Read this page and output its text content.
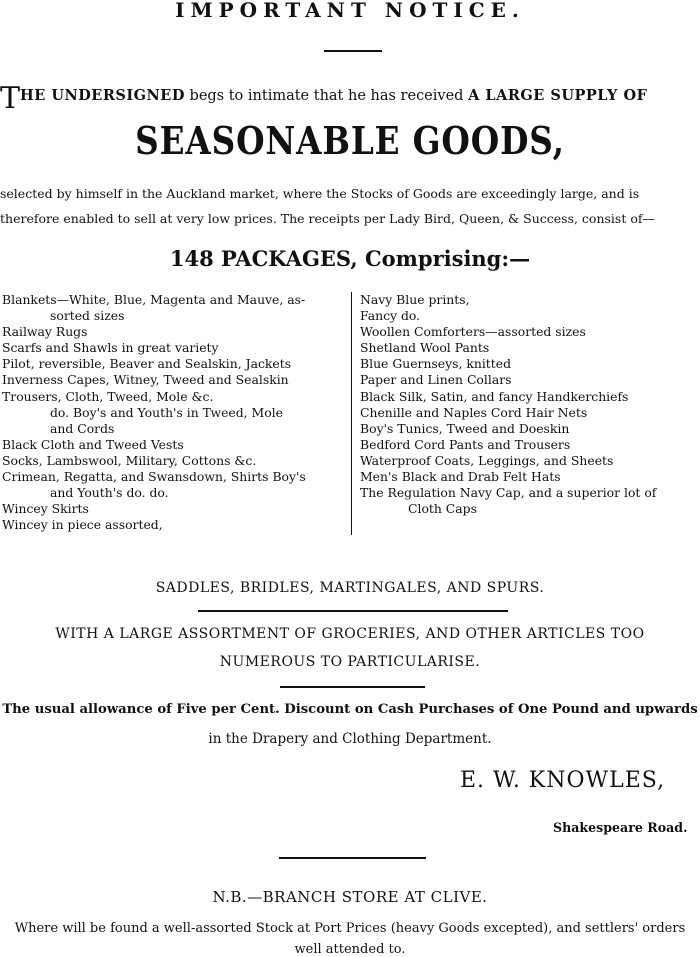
IMPORTANT NOTICE.
THE UNDERSIGNED begs to intimate that he has received A LARGE SUPPLY OF
SEASONABLE GOODS,
selected by himself in the Auckland market, where the Stocks of Goods are exceedingly large, and is
therefore enabled to sell at very low prices. The receipts per Lady Bird, Queen, & Success, consist of—
148 PACKAGES, Comprising:—
Blankets—White, Blue, Magenta and Mauve, as-
sorted sizes
Railway Rugs
Scarfs and Shawls in great variety
Pilot, reversible, Beaver and Sealskin, Jackets
Inverness Capes, Witney, Tweed and Sealskin
Trousers, Cloth, Tweed, Mole &c.
do. Boy's and Youth's in Tweed, Mole
and Cords
Black Cloth and Tweed Vests
Socks, Lambswool, Military, Cottons &c.
Crimean, Regatta, and Swansdown, Shirts Boy's
and Youth's do. do.
Wincey Skirts
Wincey in piece assorted,
Navy Blue prints,
Fancy do.
Woollen Comforters—assorted sizes
Shetland Wool Pants
Blue Guernseys, knitted
Paper and Linen Collars
Black Silk, Satin, and fancy Handkerchiefs
Chenille and Naples Cord Hair Nets
Boy's Tunics, Tweed and Doeskin
Bedford Cord Pants and Trousers
Waterproof Coats, Leggings, and Sheets
Men's Black and Drab Felt Hats
The Regulation Navy Cap, and a superior lot of
Cloth Caps
SADDLES, BRIDLES, MARTINGALES, AND SPURS.
WITH A LARGE ASSORTMENT OF GROCERIES, AND OTHER ARTICLES TOO
NUMEROUS TO PARTICULARISE.
The usual allowance of Five per Cent. Discount on Cash Purchases of One Pound and upwards
in the Drapery and Clothing Department.
E. W. KNOWLES,
Shakespeare Road.
N.B.—BRANCH STORE AT CLIVE.
Where will be found a well-assorted Stock at Port Prices (heavy Goods excepted), and settlers' orders
well attended to.
